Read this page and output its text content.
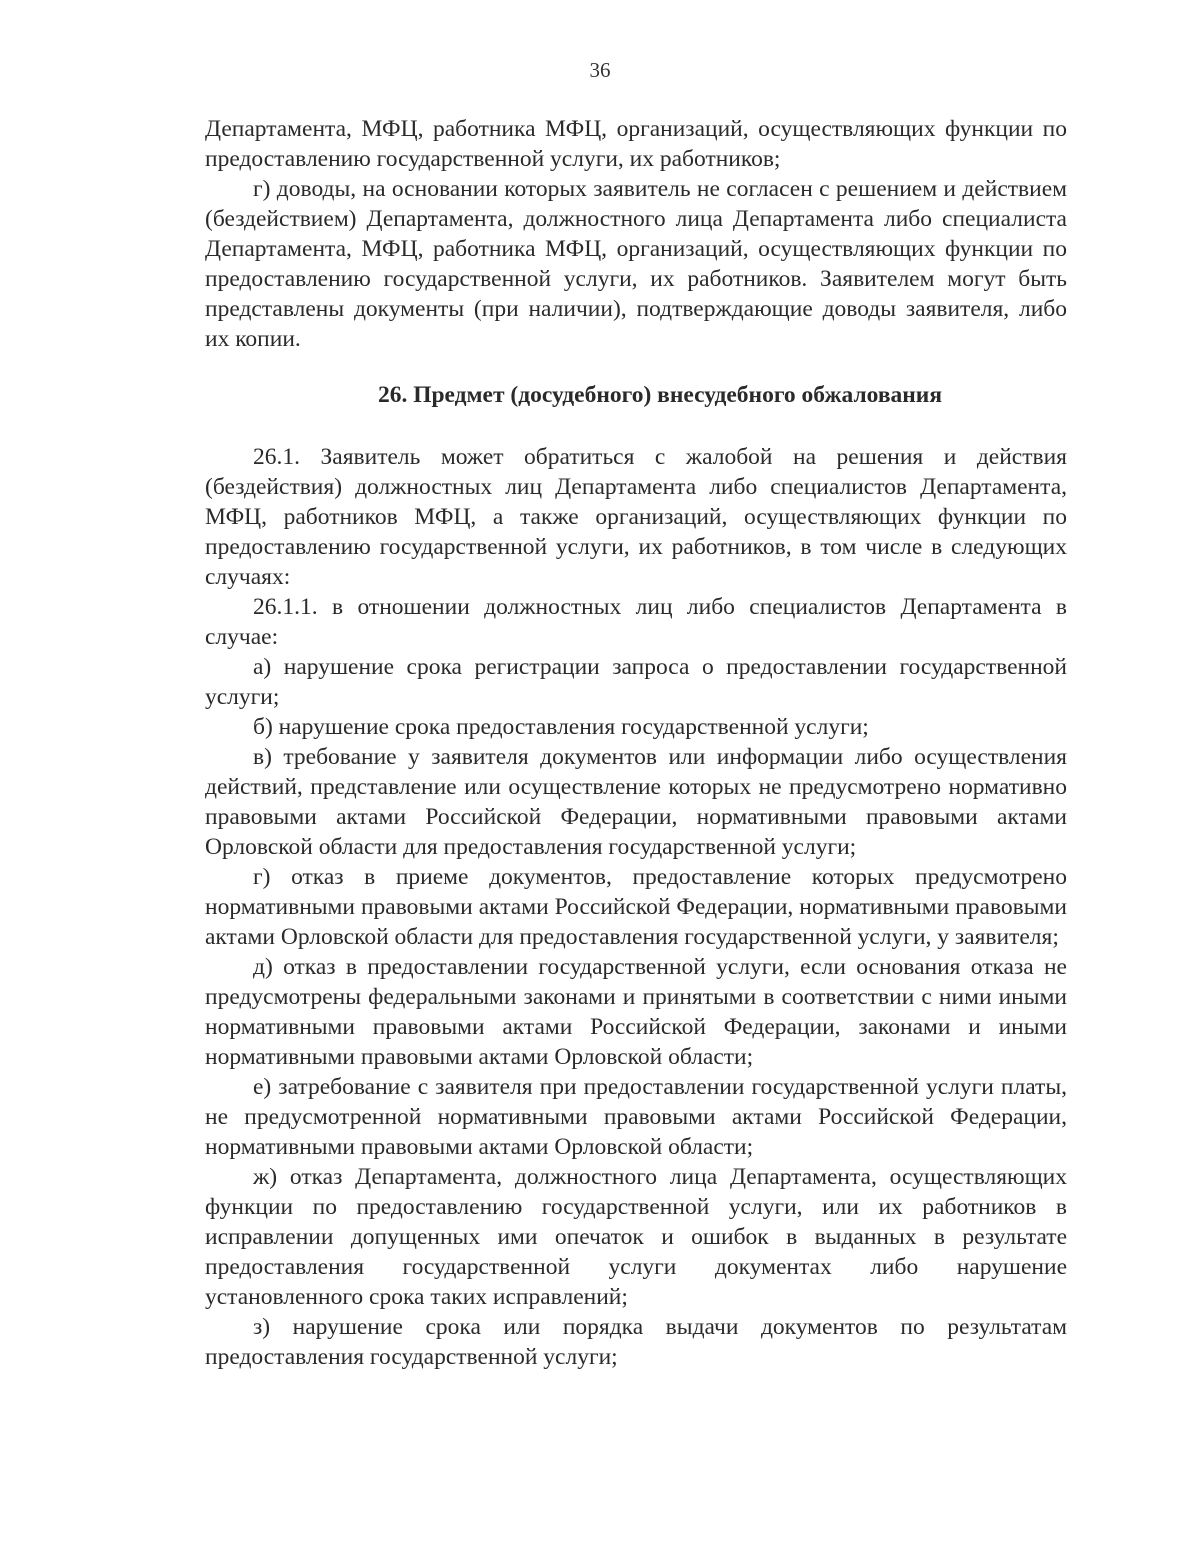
36

Департамента, МФЦ, работника МФЦ, организаций, осуществляющих функции по предоставлению государственной услуги, их работников;

г) доводы, на основании которых заявитель не согласен с решением и действием (бездействием) Департамента, должностного лица Департамента либо специалиста Департамента, МФЦ, работника МФЦ, организаций, осуществляющих функции по предоставлению государственной услуги, их работников. Заявителем могут быть представлены документы (при наличии), подтверждающие доводы заявителя, либо их копии.

26. Предмет (досудебного) внесудебного обжалования

26.1. Заявитель может обратиться с жалобой на решения и действия (бездействия) должностных лиц Департамента либо специалистов Департамента, МФЦ, работников МФЦ, а также организаций, осуществляющих функции по предоставлению государственной услуги, их работников, в том числе в следующих случаях:

26.1.1. в отношении должностных лиц либо специалистов Департамента в случае:

а) нарушение срока регистрации запроса о предоставлении государственной услуги;

б) нарушение срока предоставления государственной услуги;

в) требование у заявителя документов или информации либо осуществления действий, представление или осуществление которых не предусмотрено нормативно правовыми актами Российской Федерации, нормативными правовыми актами Орловской области для предоставления государственной услуги;

г) отказ в приеме документов, предоставление которых предусмотрено нормативными правовыми актами Российской Федерации, нормативными правовыми актами Орловской области для предоставления государственной услуги, у заявителя;

д) отказ в предоставлении государственной услуги, если основания отказа не предусмотрены федеральными законами и принятыми в соответствии с ними иными нормативными правовыми актами Российской Федерации, законами и иными нормативными правовыми актами Орловской области;

е) затребование с заявителя при предоставлении государственной услуги платы, не предусмотренной нормативными правовыми актами Российской Федерации, нормативными правовыми актами Орловской области;

ж) отказ Департамента, должностного лица Департамента, осуществляющих функции по предоставлению государственной услуги, или их работников в исправлении допущенных ими опечаток и ошибок в выданных в результате предоставления государственной услуги документах либо нарушение установленного срока таких исправлений;

з) нарушение срока или порядка выдачи документов по результатам предоставления государственной услуги;
